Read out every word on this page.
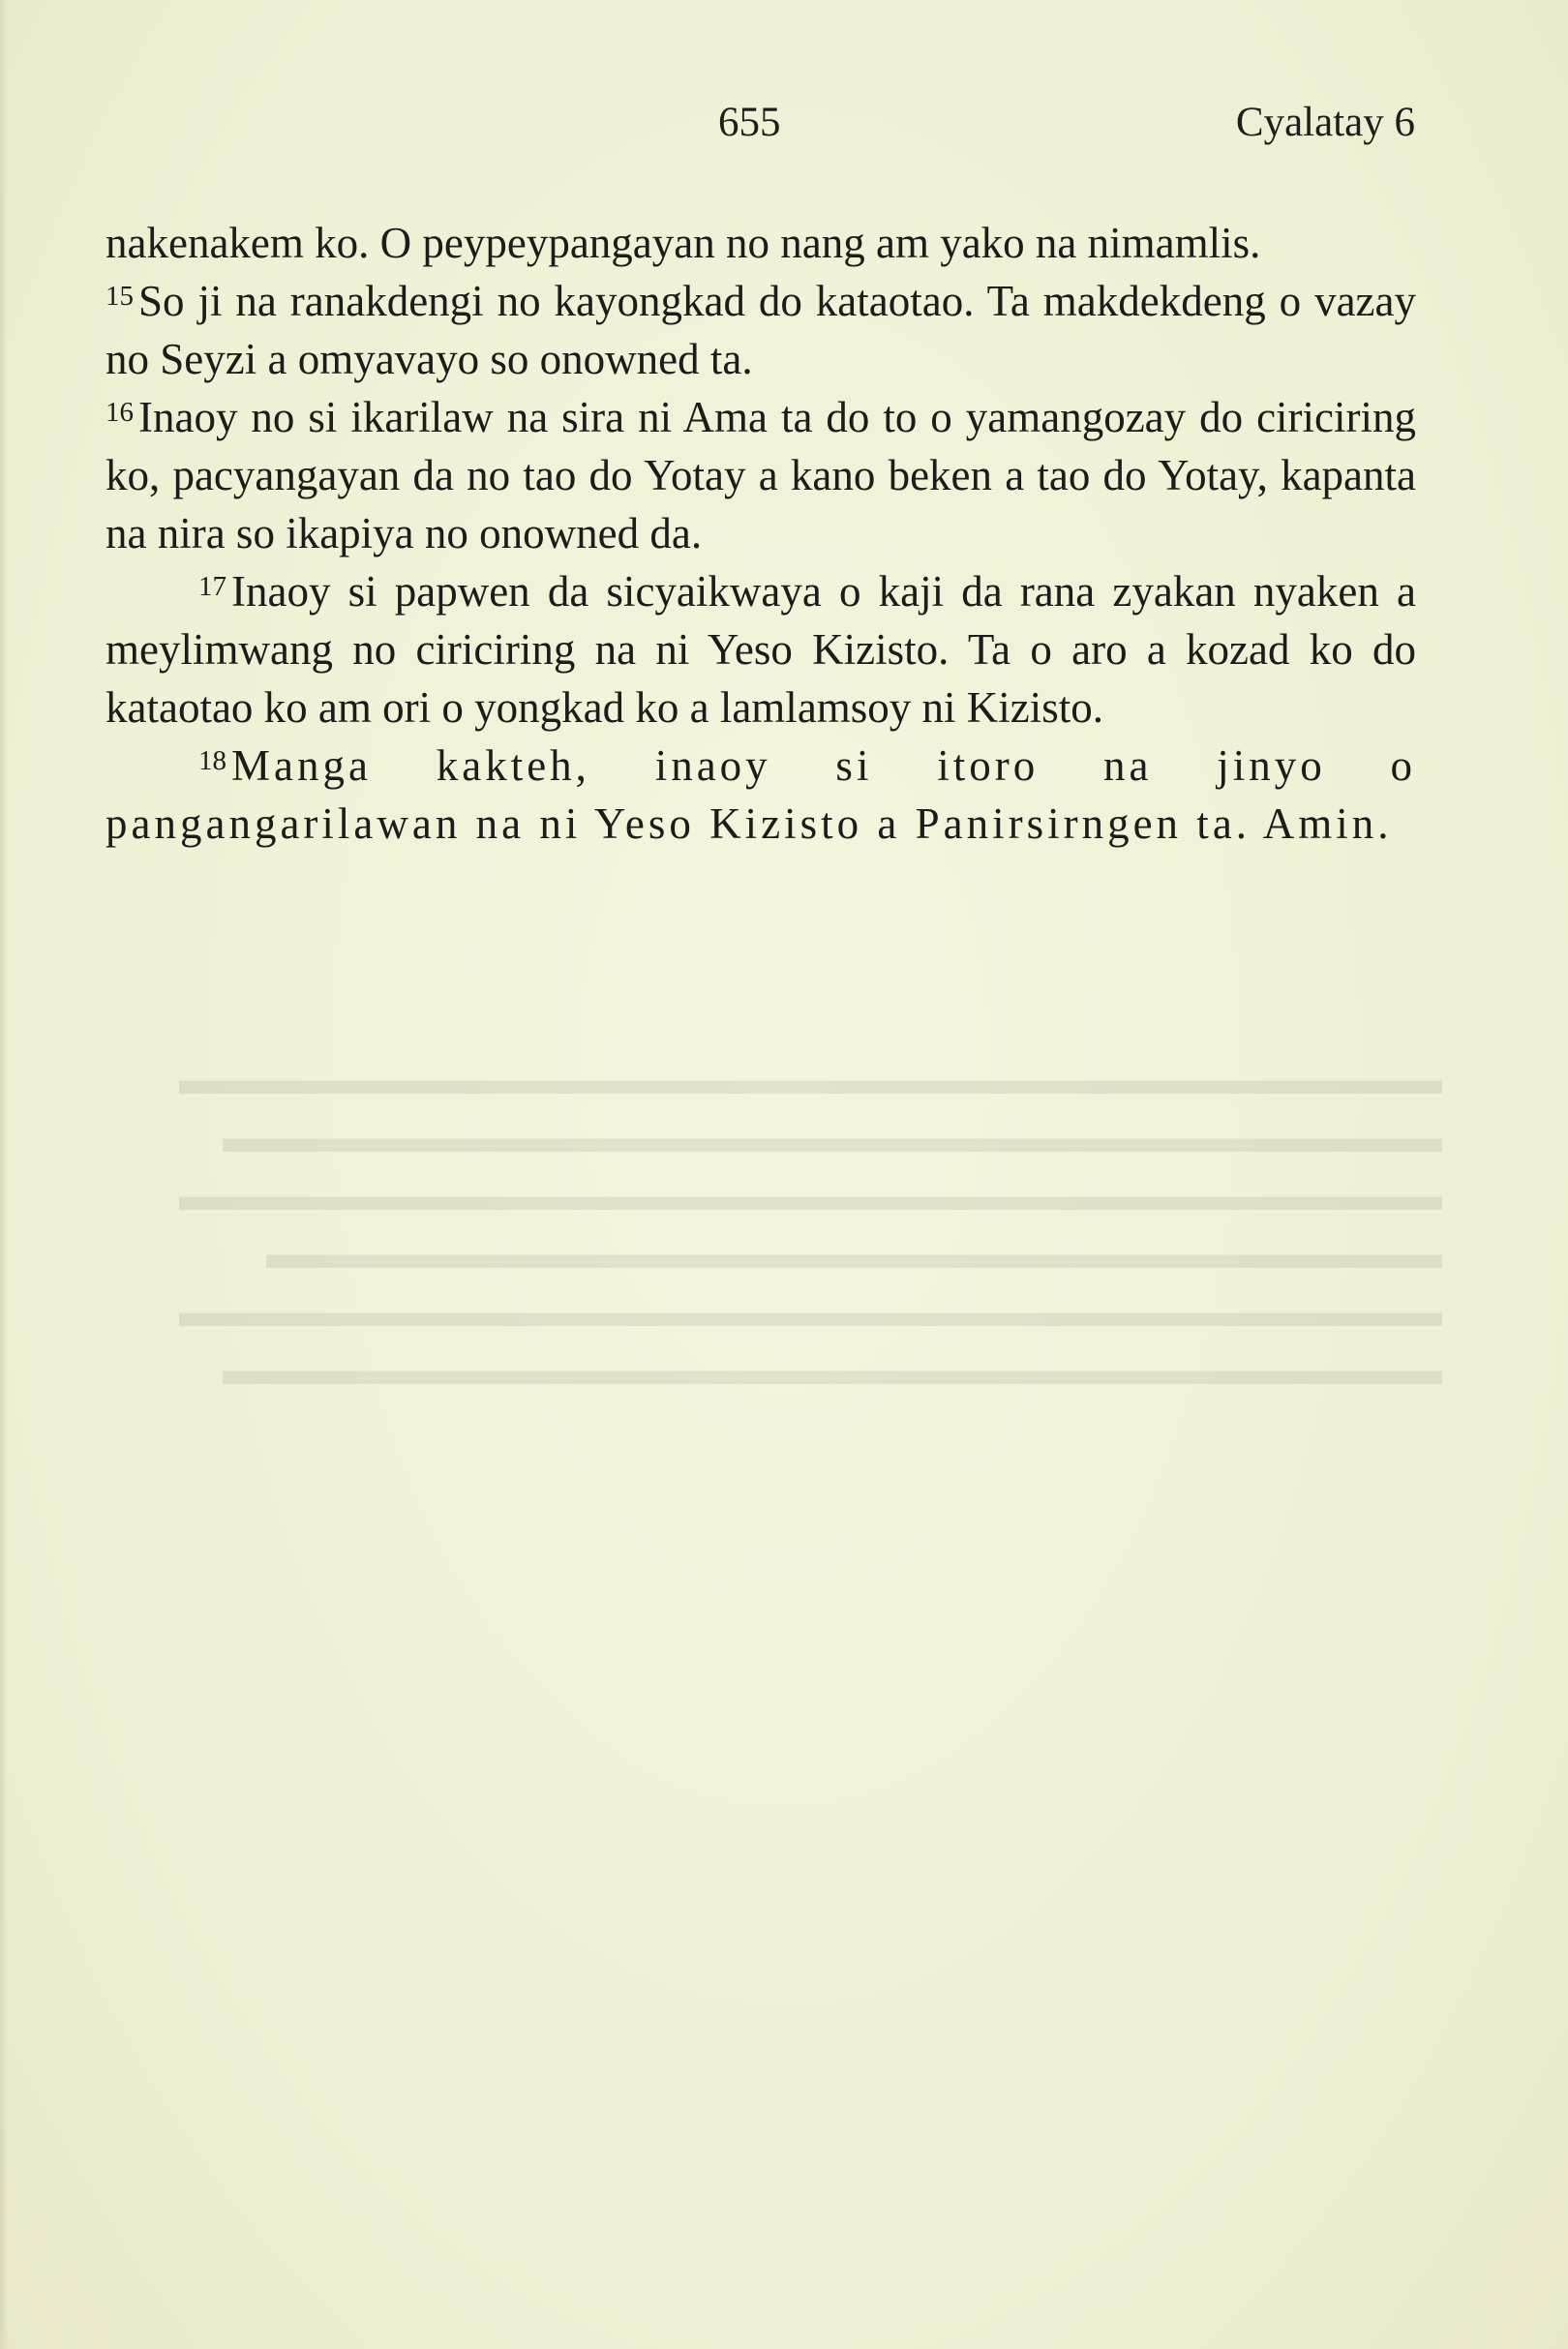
655	Cyalatay 6

nakenakem ko. O peypeypangayan no nang am yako na nimamlis.

$^{15}$ So ji na ranakdengi no kayongkad do kataotao. Ta makdekdeng o vazay no Seyzi a omyavayo so onowned ta.

$^{16}$ Inaoy no si ikarilaw na sira ni Ama ta do to o yamangozay do ciriciring ko, pacyangayan da no tao do Yotay a kano beken a tao do Yotay, kapanta na nira so ikapiya no onowned da.

$^{17}$ Inaoy si papwen da sicyaikwaya o kaji da rana zyakan nyaken a meylimwang no ciriciring na ni Yeso Kizisto. Ta o aro a kozad ko do kataotao ko am ori o yongkad ko a lamlamsoy ni Kizisto.

$^{18}$ Manga kakteh, inaoy si itoro na jinyo o pangangarilawan na ni Yeso Kizisto a Panirsirngen ta. Amin.

▬▬▬▬▬▬▬▬▬▬▬▬▬▬▬▬▬▬▬▬▬▬▬▬▬▬▬▬▬
▬▬▬▬▬▬▬▬▬▬▬▬▬▬▬▬▬▬▬▬▬▬▬▬▬▬▬▬
▬▬▬▬▬▬▬▬▬▬▬▬▬▬▬▬▬▬▬▬▬▬▬▬▬▬▬▬▬
▬▬▬▬▬▬▬▬▬▬▬▬▬▬▬▬▬▬▬▬▬▬▬▬▬▬▬
▬▬▬▬▬▬▬▬▬▬▬▬▬▬▬▬▬▬▬▬▬▬▬▬▬▬▬▬▬
▬▬▬▬▬▬▬▬▬▬▬▬▬▬▬▬▬▬▬▬▬▬▬▬▬▬▬▬
